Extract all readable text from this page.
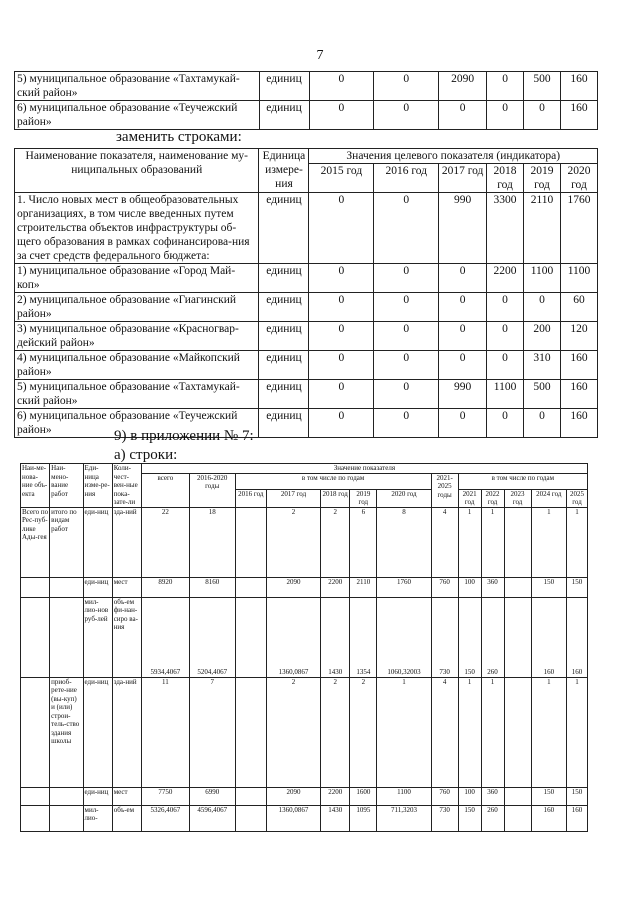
7
5) муниципальное образование «Тахтамукай-ский район»	единиц	0	0	2090	0	500	160
6) муниципальное образование «Теучежский район»	единиц	0	0	0	0	0	160
заменить строками:
Наименование показателя, наименование му-ниципальных образований	Единица измере-ния	Значения целевого показателя (индикатора)					
		2015 год	2016 год	2017 год	2018 год	2019 год	2020 год
1. Число новых мест в общеобразовательных организациях, в том числе введенных путем строительства объектов инфраструктуры об-щего образования в рамках софинансирова-ния за счет средств федерального бюджета:	единиц	0	0	990	3300	2110	1760
1) муниципальное образование «Город Май-коп»	единиц	0	0	0	2200	1100	1100
2) муниципальное образование «Гиагинский район»	единиц	0	0	0	0	0	60
3) муниципальное образование «Красногвар-дейский район»	единиц	0	0	0	0	200	120
4) муниципальное образование «Майкопский район»	единиц	0	0	0	0	310	160
5) муниципальное образование «Тахтамукай-ский район»	единиц	0	0	990	1100	500	160
6) муниципальное образование «Теучежский район»	единиц	0	0	0	0	0	160
9) в приложении № 7:
а) строки:
Наи-ме-нова-ние объ-екта	Наи-мено-вание работ	Еди-ница изме-ре-ния	Коли-чест-вен-ные пока-зате-ли	Значение показателя												
				всего	2016-2020 годы	в том числе по годам					2021-2025 годы	в том числе по годам				
						2016 год	2017 год	2018 год	2019 год	2020 год		2021 год	2022 год	2023 год	2024 год	2025 год
Всего по Рес-пуб-лике Ады-гея	итого по видам работ	еди-ниц	зда-ний	22	18		2	2	6	8	4	1	1		1	1
		еди-ниц	мест	8920	8160		2090	2200	2110	1760	760	100	360		150	150
		мил-лио-нов руб-лей	объ-ем фи-нан-сиро ва-ния	5934,4067	5204,4067		1360,0867	1430	1354	1060,32003	730	150	260		160	160
	приоб-рете-ние (вы-куп) и (или) строи-тель-ство здания школы	еди-ниц	зда-ний	11	7		2	2	2	1	4	1	1		1	1
		еди-ниц	мест	7750	6990		2090	2200	1600	1100	760	100	360		150	150
		мил-лио-	объ-ем	5326,4067	4596,4067		1360,0867	1430	1095	711,3203	730	150	260		160	160
